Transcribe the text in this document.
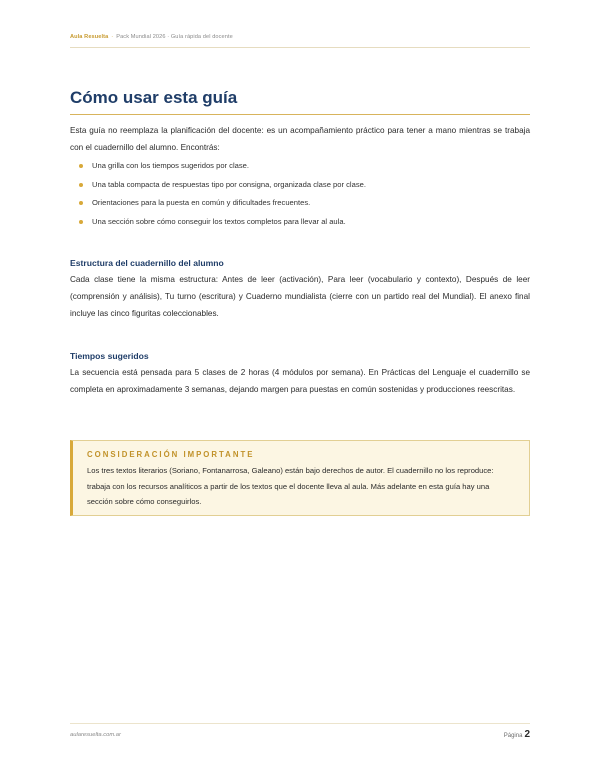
Aula Resuelta · Pack Mundial 2026 · Guía rápida del docente
Cómo usar esta guía

Esta guía no reemplaza la planificación del docente: es un acompañamiento práctico para tener a mano mientras se trabaja con el cuadernillo del alumno. Encontrás:

Una grilla con los tiempos sugeridos por clase.
Una tabla compacta de respuestas tipo por consigna, organizada clase por clase.
Orientaciones para la puesta en común y dificultades frecuentes.
Una sección sobre cómo conseguir los textos completos para llevar al aula.
Estructura del cuadernillo del alumno

Cada clase tiene la misma estructura: Antes de leer (activación), Para leer (vocabulario y contexto), Después de leer (comprensión y análisis), Tu turno (escritura) y Cuaderno mundialista (cierre con un partido real del Mundial). El anexo final incluye las cinco figuritas coleccionables.

Tiempos sugeridos

La secuencia está pensada para 5 clases de 2 horas (4 módulos por semana). En Prácticas del Lenguaje el cuadernillo se completa en aproximadamente 3 semanas, dejando margen para puestas en común sostenidas y producciones reescritas.

CONSIDERACIÓN IMPORTANTE

Los tres textos literarios (Soriano, Fontanarrosa, Galeano) están bajo derechos de autor. El cuadernillo no los reproduce: trabaja con los recursos analíticos a partir de los textos que el docente lleva al aula. Más adelante en esta guía hay una sección sobre cómo conseguirlos.

aularesuelta.com.ar	Página 2
